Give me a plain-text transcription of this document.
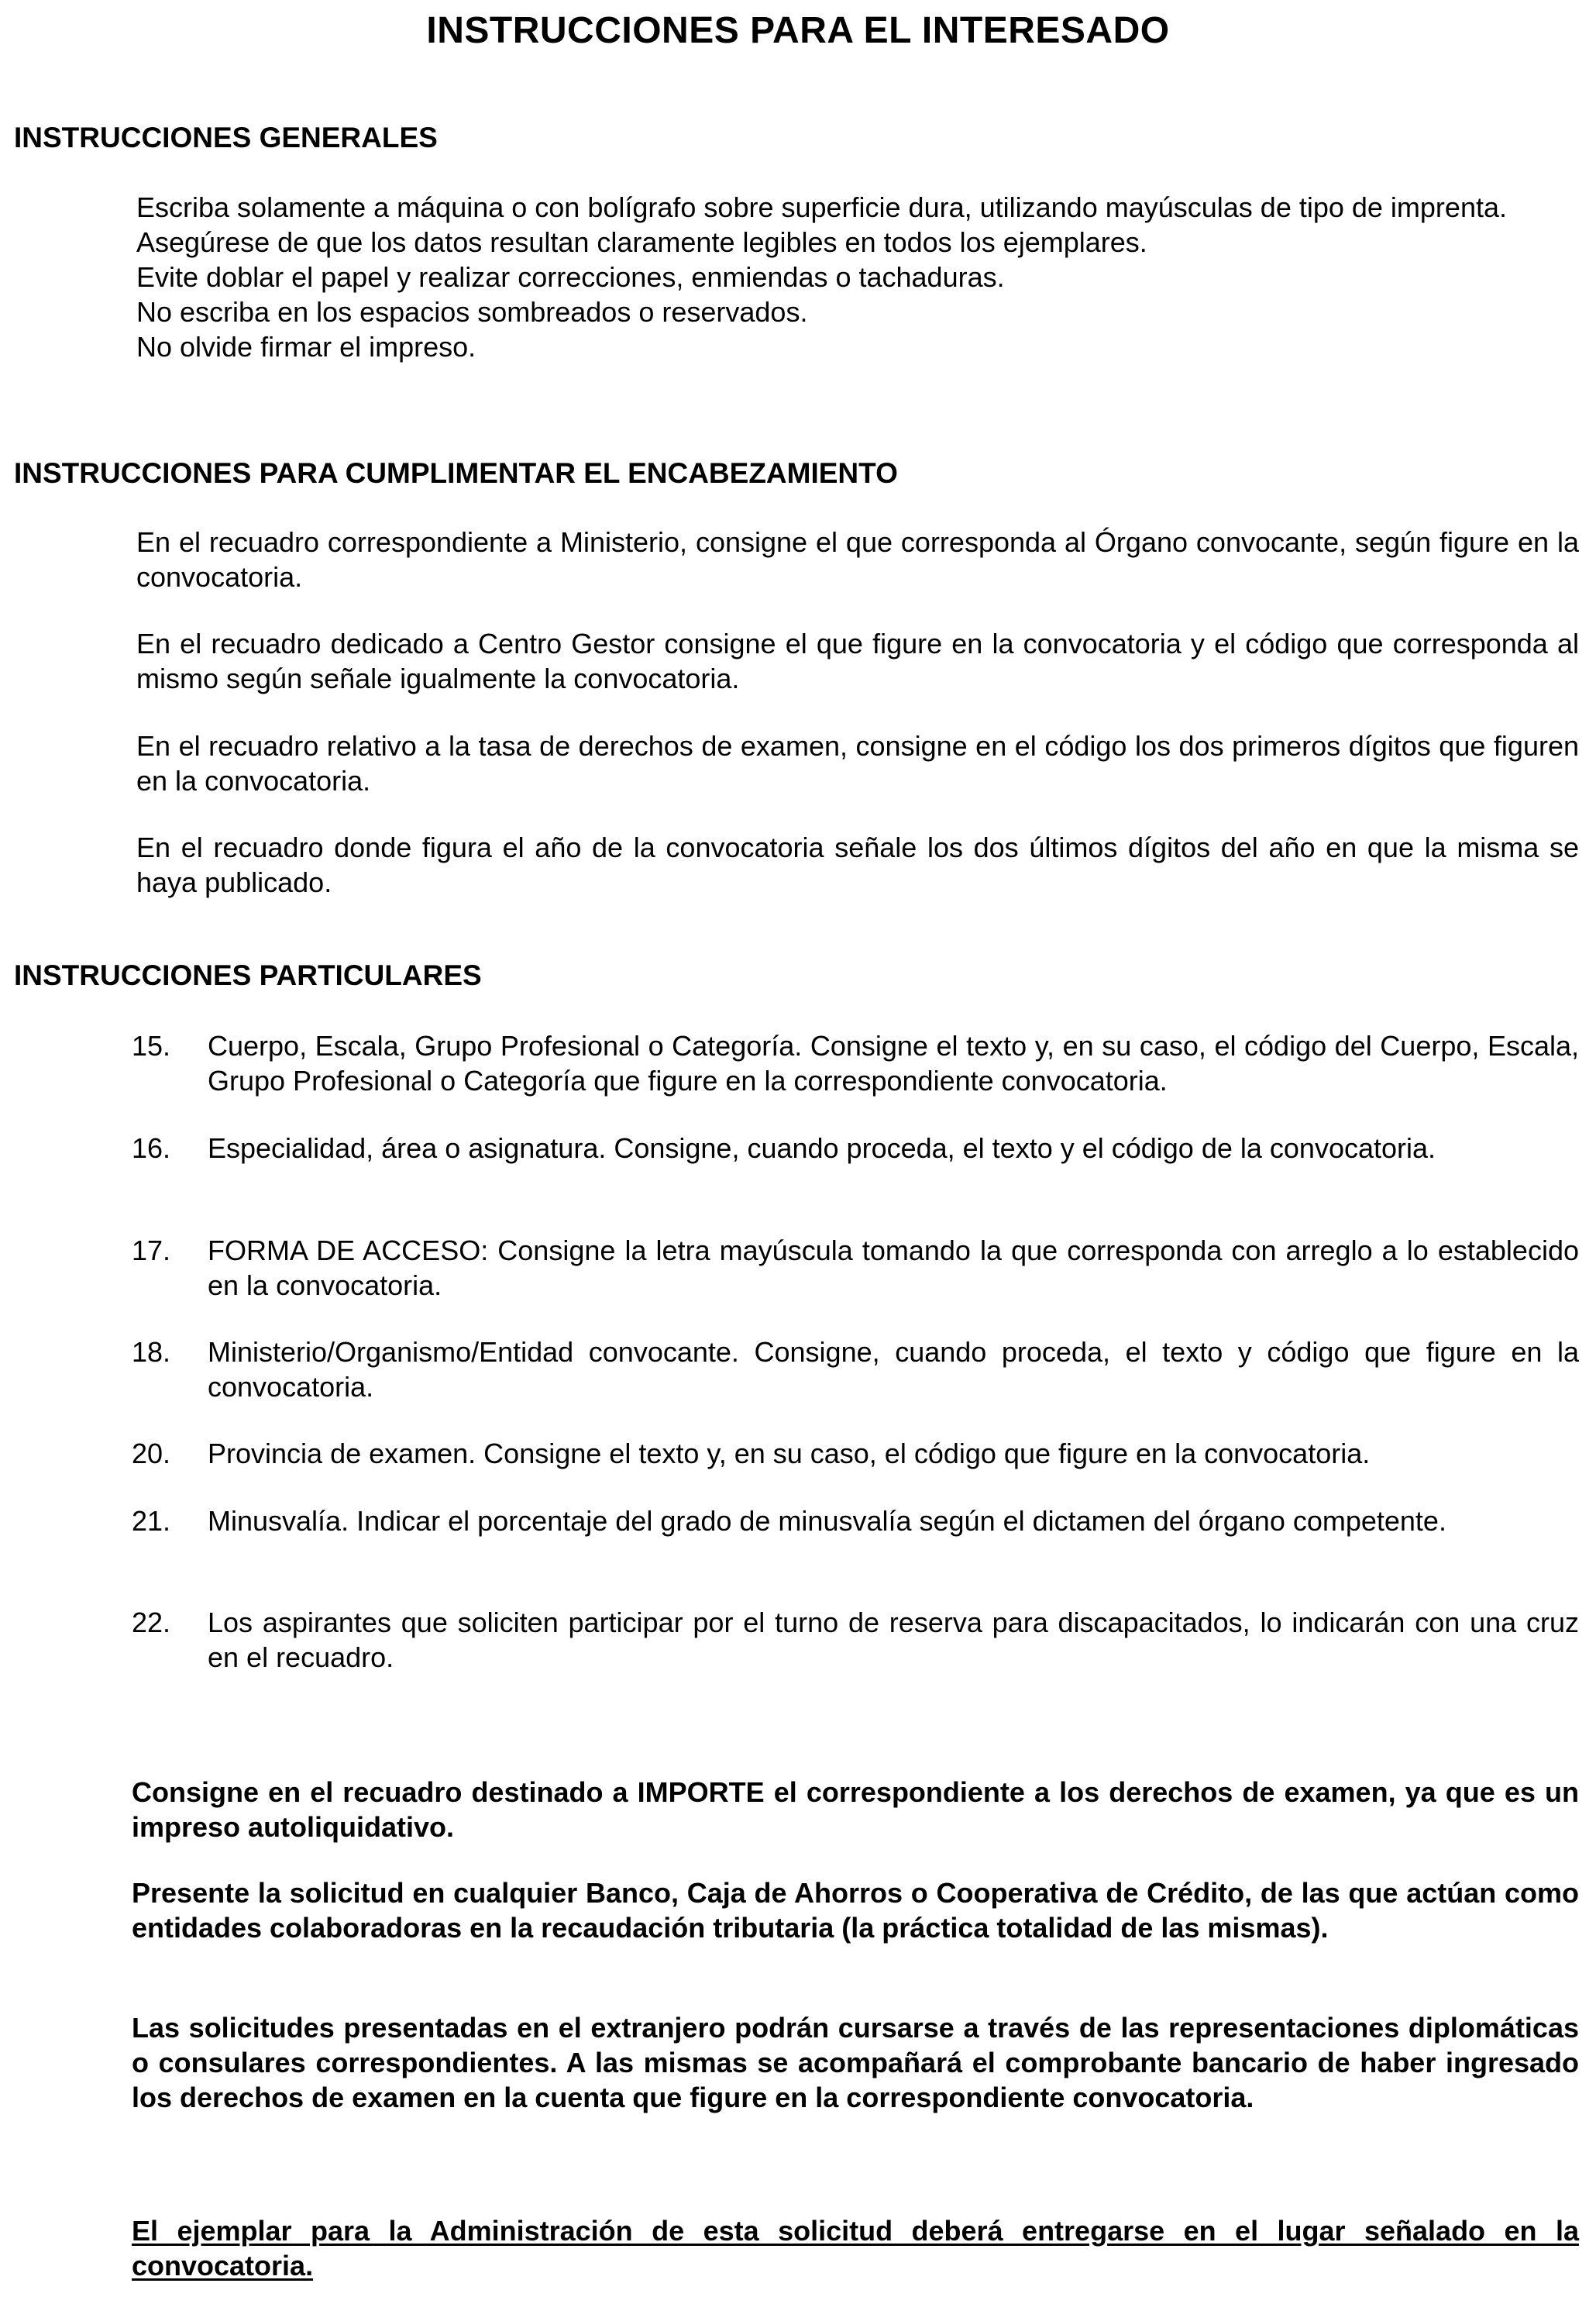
INSTRUCCIONES PARA EL INTERESADO
INSTRUCCIONES GENERALES

Escriba solamente a máquina o con bolígrafo sobre superficie dura, utilizando mayúsculas de tipo de imprenta.

Asegúrese de que los datos resultan claramente legibles en todos los ejemplares.

Evite doblar el papel y realizar correcciones, enmiendas o tachaduras.

No escriba en los espacios sombreados o reservados.

No olvide firmar el impreso.

INSTRUCCIONES PARA CUMPLIMENTAR EL ENCABEZAMIENTO
En el recuadro correspondiente a Ministerio, consigne el que corresponda al Órgano convocante, según figure en la convocatoria.
En el recuadro dedicado a Centro Gestor consigne el que figure en la convocatoria y el código que corresponda al mismo según señale igualmente la convocatoria.
En el recuadro relativo a la tasa de derechos de examen, consigne en el código los dos primeros dígitos que figuren en la convocatoria.
En el recuadro donde figura el año de la convocatoria señale los dos últimos dígitos del año en que la misma se haya publicado.
INSTRUCCIONES PARTICULARES
15.	Cuerpo, Escala, Grupo Profesional o Categoría. Consigne el texto y, en su caso, el código del Cuerpo, Escala, Grupo Profesional o Categoría que figure en la correspondiente convocatoria.
16.	Especialidad, área o asignatura. Consigne, cuando proceda, el texto y el código de la convocatoria.
17.	FORMA DE ACCESO: Consigne la letra mayúscula tomando la que corresponda con arreglo a lo establecido en la convocatoria.
18.	Ministerio/Organismo/Entidad convocante. Consigne, cuando proceda, el texto y código que figure en la convocatoria.
20.	Provincia de examen. Consigne el texto y, en su caso, el código que figure en la convocatoria.
21.	Minusvalía. Indicar el porcentaje del grado de minusvalía según el dictamen del órgano competente.
22.	Los aspirantes que soliciten participar por el turno de reserva para discapacitados, lo indicarán con una cruz en el recuadro.
Consigne en el recuadro destinado a IMPORTE el correspondiente a los derechos de examen, ya que es un impreso autoliquidativo.
Presente la solicitud en cualquier Banco, Caja de Ahorros o Cooperativa de Crédito, de las que actúan como entidades colaboradoras en la recaudación tributaria (la práctica totalidad de las mismas).
Las solicitudes presentadas en el extranjero podrán cursarse a través de las representaciones diplomáticas o consulares correspondientes. A las mismas se acompañará el comprobante bancario de haber ingresado los derechos de examen en la cuenta que figure en la correspondiente convocatoria.
El ejemplar para la Administración de esta solicitud deberá entregarse en el lugar señalado en la convocatoria.
